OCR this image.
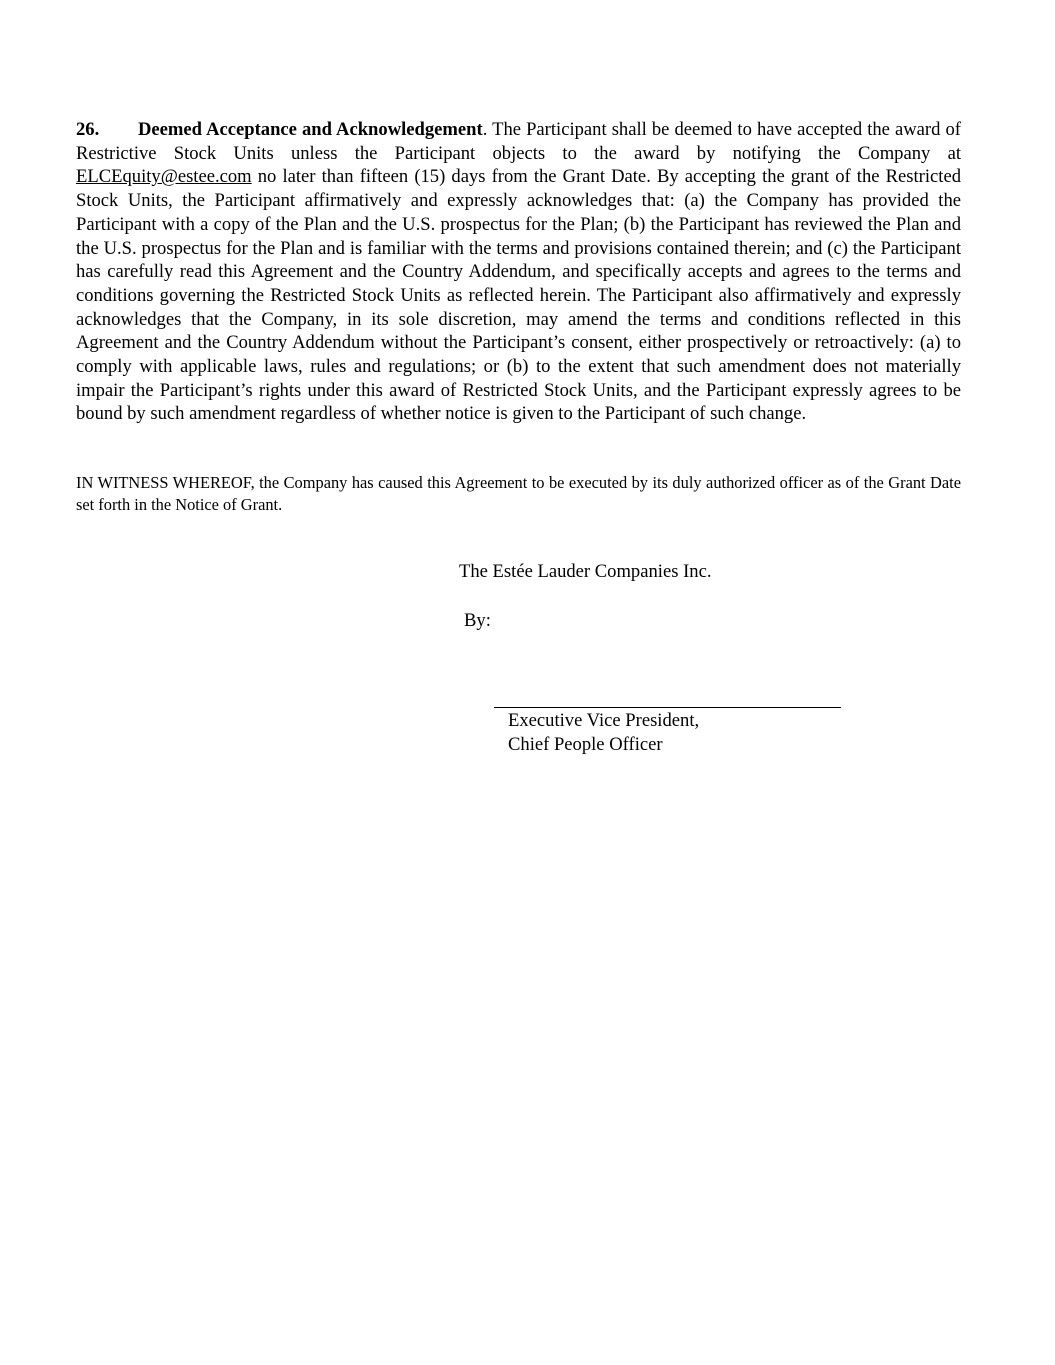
26. Deemed Acceptance and Acknowledgement. The Participant shall be deemed to have accepted the award of Restrictive Stock Units unless the Participant objects to the award by notifying the Company at ELCEquity@estee.com no later than fifteen (15) days from the Grant Date. By accepting the grant of the Restricted Stock Units, the Participant affirmatively and expressly acknowledges that: (a) the Company has provided the Participant with a copy of the Plan and the U.S. prospectus for the Plan; (b) the Participant has reviewed the Plan and the U.S. prospectus for the Plan and is familiar with the terms and provisions contained therein; and (c) the Participant has carefully read this Agreement and the Country Addendum, and specifically accepts and agrees to the terms and conditions governing the Restricted Stock Units as reflected herein. The Participant also affirmatively and expressly acknowledges that the Company, in its sole discretion, may amend the terms and conditions reflected in this Agreement and the Country Addendum without the Participant’s consent, either prospectively or retroactively: (a) to comply with applicable laws, rules and regulations; or (b) to the extent that such amendment does not materially impair the Participant’s rights under this award of Restricted Stock Units, and the Participant expressly agrees to be bound by such amendment regardless of whether notice is given to the Participant of such change.
IN WITNESS WHEREOF, the Company has caused this Agreement to be executed by its duly authorized officer as of the Grant Date set forth in the Notice of Grant.
The Estée Lauder Companies Inc.
By:
Executive Vice President,
Chief People Officer
